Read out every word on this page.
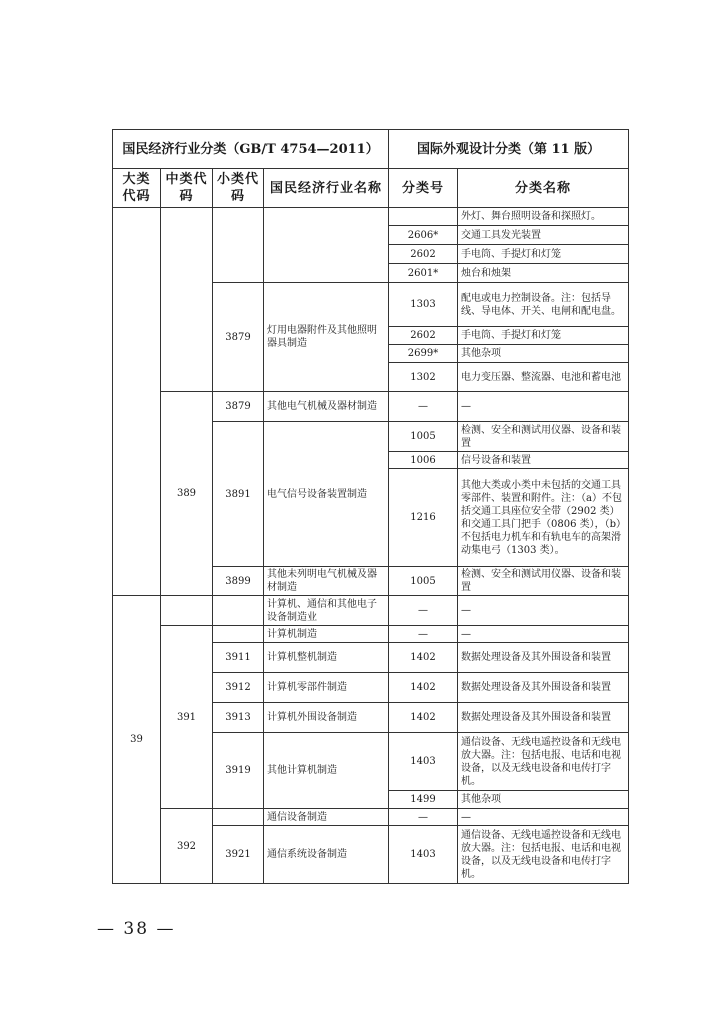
国民经济行业分类（GB/T 4754—2011）				国际外观设计分类（第 11 版）	
大类代码	中类代码	小类代码	国民经济行业名称	分类号	分类名称
					外灯、舞台照明设备和探照灯。
				2606*	交通工具发光装置
				2602	手电筒、手提灯和灯笼
				2601*	烛台和烛架
		3879	灯用电器附件及其他照明器具制造	1303	配电或电力控制设备。注：包括导线、导电体、开关、电闸和配电盘。
				2602	手电筒、手提灯和灯笼
				2699*	其他杂项
				1302	电力变压器、整流器、电池和蓄电池
	389	3879	其他电气机械及器材制造	—	—
		3891	电气信号设备装置制造	1005	检测、安全和测试用仪器、设备和装置
				1006	信号设备和装置
				1216	其他大类或小类中未包括的交通工具零部件、装置和附件。注：（a）不包括交通工具座位安全带（2902 类）和交通工具门把手（0806 类），（b）不包括电力机车和有轨电车的高架滑动集电弓（1303 类）。
		3899	其他未列明电气机械及器材制造	1005	检测、安全和测试用仪器、设备和装置
39			计算机、通信和其他电子设备制造业	—	—
	391		计算机制造	—	—
		3911	计算机整机制造	1402	数据处理设备及其外围设备和装置
		3912	计算机零部件制造	1402	数据处理设备及其外围设备和装置
		3913	计算机外围设备制造	1402	数据处理设备及其外围设备和装置
		3919	其他计算机制造	1403	通信设备、无线电遥控设备和无线电放大器。注：包括电报、电话和电视设备，以及无线电设备和电传打字机。
				1499	其他杂项
	392		通信设备制造	—	—
		3921	通信系统设备制造	1403	通信设备、无线电遥控设备和无线电放大器。注：包括电报、电话和电视设备，以及无线电设备和电传打字机。
— 38 —
